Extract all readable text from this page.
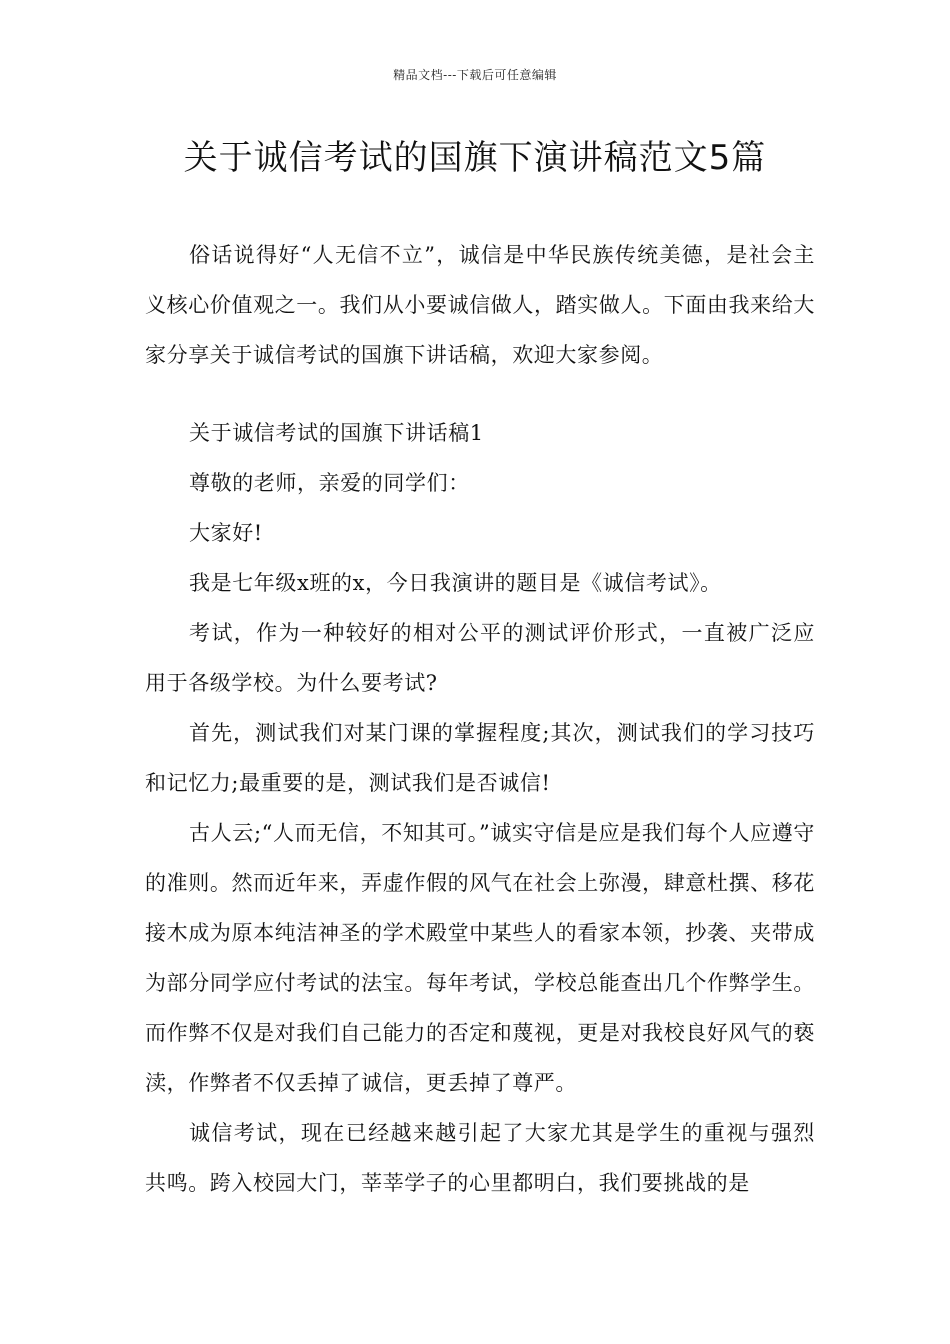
精品文档---下载后可任意编辑
关于诚信考试的国旗下演讲稿范文5篇

俗话说得好“人无信不立”，诚信是中华民族传统美德，是社会主义核心价值观之一。我们从小要诚信做人，踏实做人。下面由我来给大家分享关于诚信考试的国旗下讲话稿，欢迎大家参阅。

关于诚信考试的国旗下讲话稿1

尊敬的老师，亲爱的同学们：

大家好!

我是七年级x班的x，今日我演讲的题目是《诚信考试》。

考试，作为一种较好的相对公平的测试评价形式，一直被广泛应用于各级学校。为什么要考试?

首先，测试我们对某门课的掌握程度;其次，测试我们的学习技巧和记忆力;最重要的是，测试我们是否诚信!

古人云;“人而无信，不知其可。”诚实守信是应是我们每个人应遵守的准则。然而近年来，弄虚作假的风气在社会上弥漫，肆意杜撰、移花接木成为原本纯洁神圣的学术殿堂中某些人的看家本领，抄袭、夹带成为部分同学应付考试的法宝。每年考试，学校总能查出几个作弊学生。而作弊不仅是对我们自己能力的否定和蔑视，更是对我校良好风气的亵渎，作弊者不仅丢掉了诚信，更丢掉了尊严。

诚信考试，现在已经越来越引起了大家尤其是学生的重视与强烈共鸣。跨入校园大门，莘莘学子的心里都明白，我们要挑战的是
